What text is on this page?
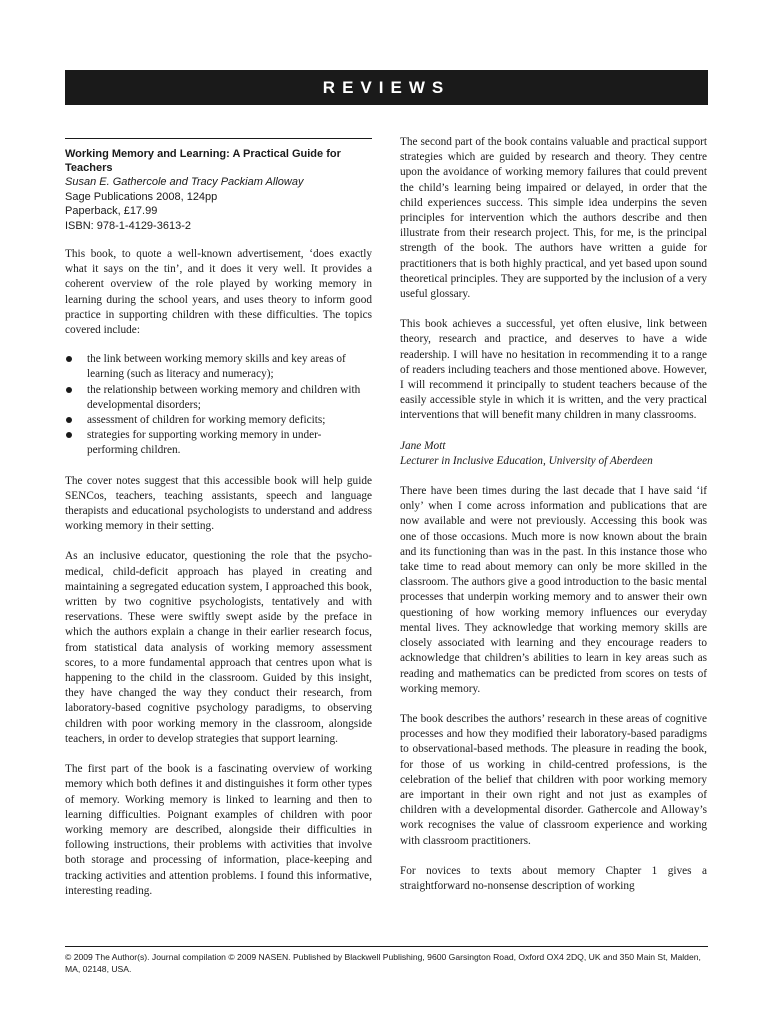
REVIEWS
Working Memory and Learning: A Practical Guide for Teachers
Susan E. Gathercole and Tracy Packiam Alloway
Sage Publications 2008, 124pp
Paperback, £17.99
ISBN: 978-1-4129-3613-2

This book, to quote a well-known advertisement, ‘does exactly what it says on the tin’, and it does it very well. It provides a coherent overview of the role played by working memory in learning during the school years, and uses theory to inform good practice in supporting children with these difficulties. The topics covered include:

the link between working memory skills and key areas of learning (such as literacy and numeracy);
the relationship between working memory and children with developmental disorders;
assessment of children for working memory deficits;
strategies for supporting working memory in under-performing children.

The cover notes suggest that this accessible book will help guide SENCos, teachers, teaching assistants, speech and language therapists and educational psychologists to understand and address working memory in their setting.

As an inclusive educator, questioning the role that the psycho-medical, child-deficit approach has played in creating and maintaining a segregated education system, I approached this book, written by two cognitive psychologists, tentatively and with reservations. These were swiftly swept aside by the preface in which the authors explain a change in their earlier research focus, from statistical data analysis of working memory assessment scores, to a more fundamental approach that centres upon what is happening to the child in the classroom. Guided by this insight, they have changed the way they conduct their research, from laboratory-based cognitive psychology paradigms, to observing children with poor working memory in the classroom, alongside teachers, in order to develop strategies that support learning.

The first part of the book is a fascinating overview of working memory which both defines it and distinguishes it form other types of memory. Working memory is linked to learning and then to learning difficulties. Poignant examples of children with poor working memory are described, alongside their difficulties in following instructions, their problems with activities that involve both storage and processing of information, place-keeping and tracking activities and attention problems. I found this informative, interesting reading.

The second part of the book contains valuable and practical support strategies which are guided by research and theory. They centre upon the avoidance of working memory failures that could prevent the child’s learning being impaired or delayed, in order that the child experiences success. This simple idea underpins the seven principles for intervention which the authors describe and then illustrate from their research project. This, for me, is the principal strength of the book. The authors have written a guide for practitioners that is both highly practical, and yet based upon sound theoretical principles. They are supported by the inclusion of a very useful glossary.

This book achieves a successful, yet often elusive, link between theory, research and practice, and deserves to have a wide readership. I will have no hesitation in recommending it to a range of readers including teachers and those mentioned above. However, I will recommend it principally to student teachers because of the easily accessible style in which it is written, and the very practical interventions that will benefit many children in many classrooms.

Jane Mott
Lecturer in Inclusive Education, University of Aberdeen

There have been times during the last decade that I have said ‘if only’ when I come across information and publications that are now available and were not previously. Accessing this book was one of those occasions. Much more is now known about the brain and its functioning than was in the past. In this instance those who take time to read about memory can only be more skilled in the classroom. The authors give a good introduction to the basic mental processes that underpin working memory and to answer their own questioning of how working memory influences our everyday mental lives. They acknowledge that working memory skills are closely associated with learning and they encourage readers to acknowledge that children’s abilities to learn in key areas such as reading and mathematics can be predicted from scores on tests of working memory.

The book describes the authors’ research in these areas of cognitive processes and how they modified their laboratory-based paradigms to observational-based methods. The pleasure in reading the book, for those of us working in child-centred professions, is the celebration of the belief that children with poor working memory are important in their own right and not just as examples of children with a developmental disorder. Gathercole and Alloway’s work recognises the value of classroom experience and working with classroom practitioners.

For novices to texts about memory Chapter 1 gives a straightforward no-nonsense description of working

© 2009 The Author(s). Journal compilation © 2009 NASEN. Published by Blackwell Publishing, 9600 Garsington Road, Oxford OX4 2DQ, UK and 350 Main St, Malden, MA, 02148, USA.
